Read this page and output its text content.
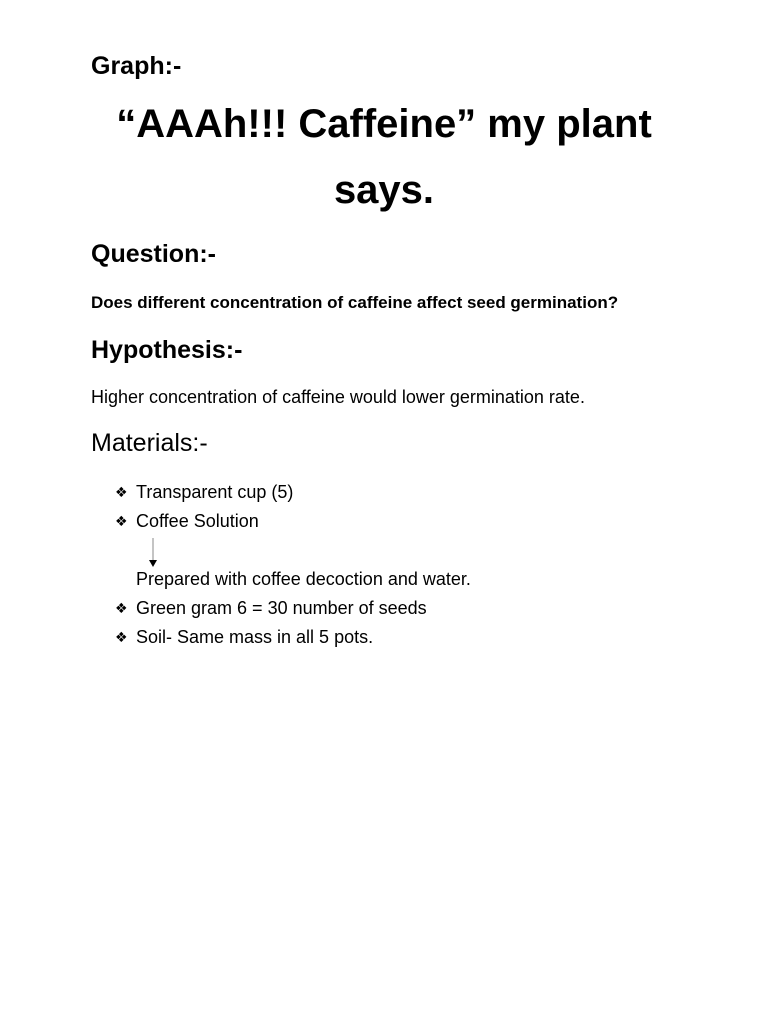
Graph:-
“AAAh!!! Caffeine” my plant
says.
Question:-
Does different concentration of caffeine affect seed germination?
Hypothesis:-
Higher concentration of caffeine would lower germination rate.
Materials:-
❖ Transparent cup (5)
❖ Coffee Solution
Prepared with coffee decoction and water.
❖ Green gram 6 = 30 number of seeds
❖ Soil- Same mass in all 5 pots.
